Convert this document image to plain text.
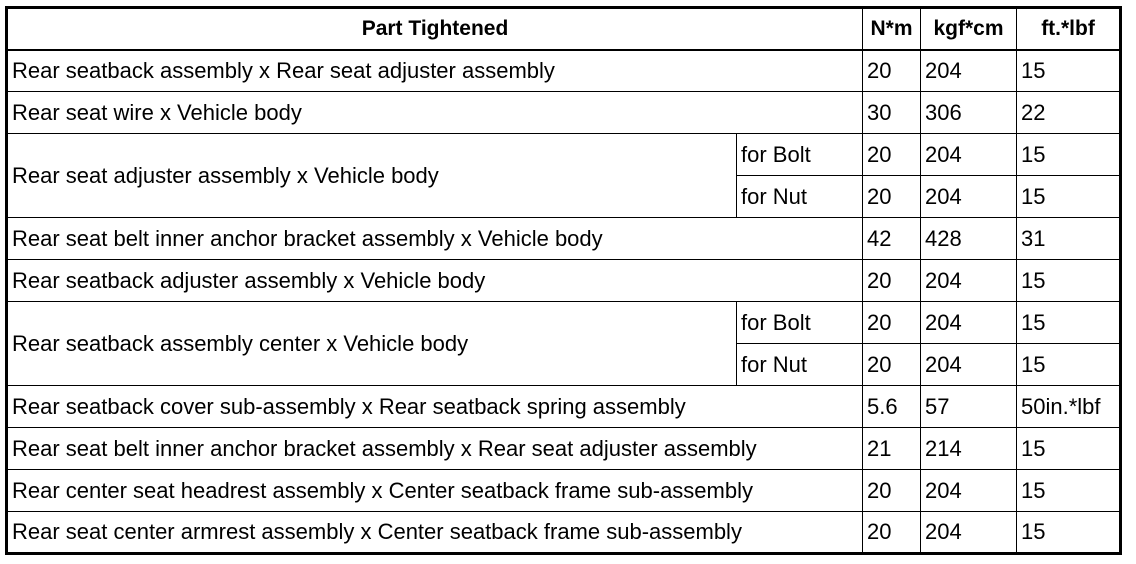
Part Tightened		N*m	kgf*cm	ft.*lbf
Rear seatback assembly x Rear seat adjuster assembly		20	204	15
Rear seat wire x Vehicle body		30	306	22
Rear seat adjuster assembly x Vehicle body	for Bolt	20	204	15
	for Nut	20	204	15
Rear seat belt inner anchor bracket assembly x Vehicle body		42	428	31
Rear seatback adjuster assembly x Vehicle body		20	204	15
Rear seatback assembly center x Vehicle body	for Bolt	20	204	15
	for Nut	20	204	15
Rear seatback cover sub-assembly x Rear seatback spring assembly		5.6	57	50in.*lbf
Rear seat belt inner anchor bracket assembly x Rear seat adjuster assembly		21	214	15
Rear center seat headrest assembly x Center seatback frame sub-assembly		20	204	15
Rear seat center armrest assembly x Center seatback frame sub-assembly		20	204	15
